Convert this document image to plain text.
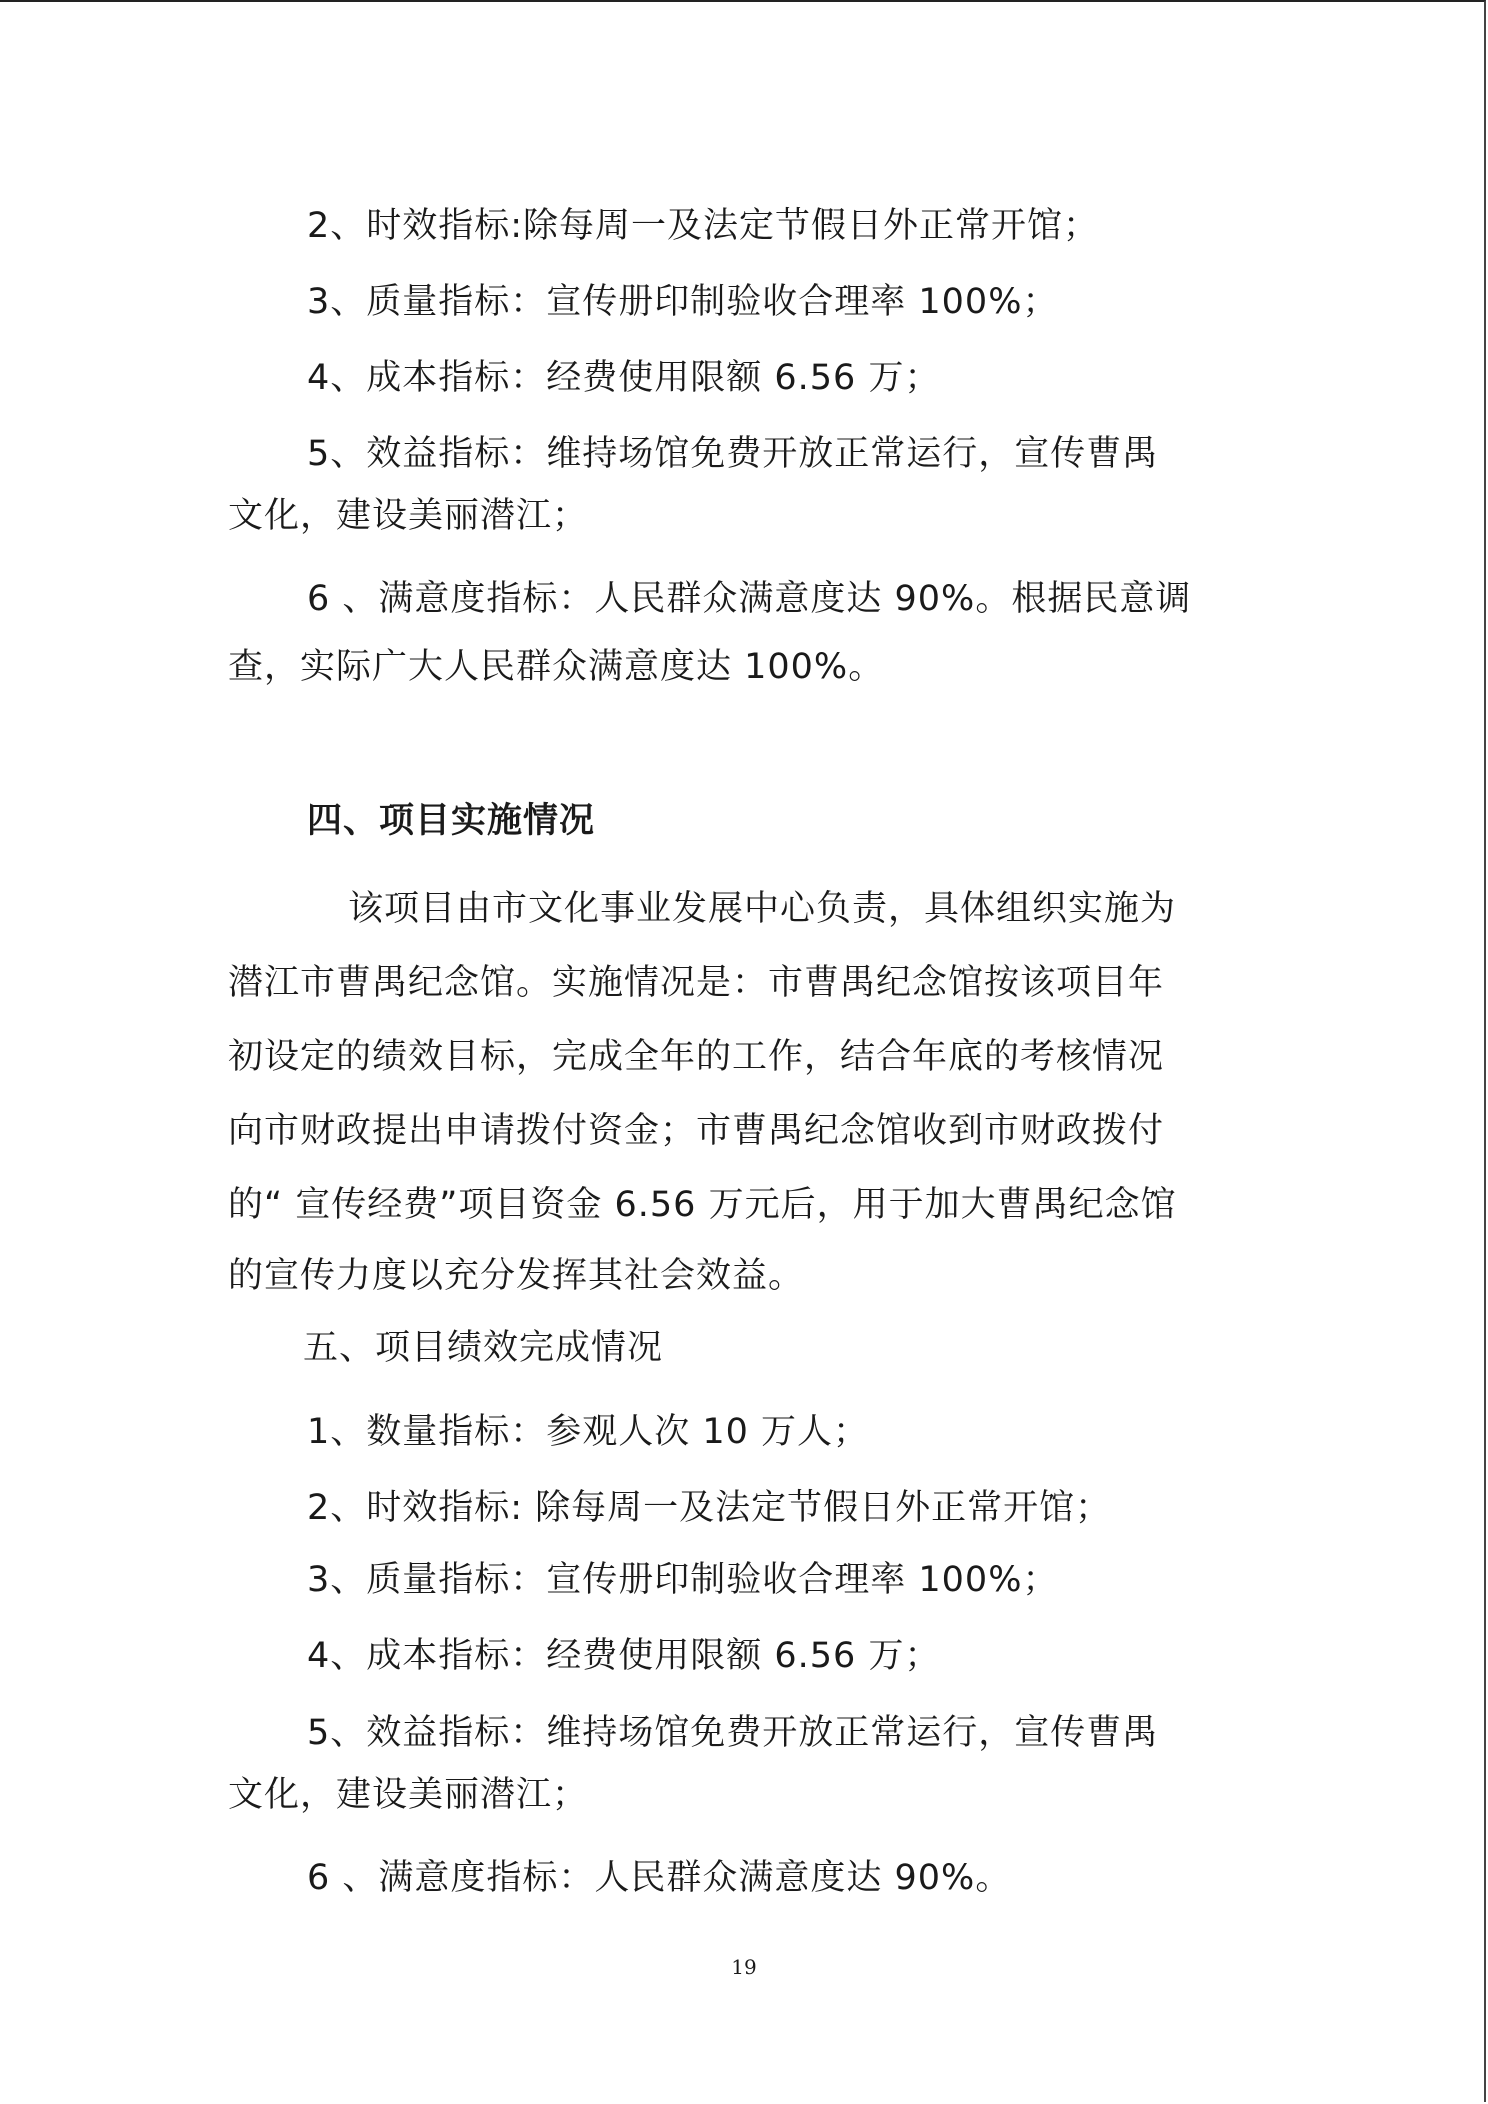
2、时效指标:除每周一及法定节假日外正常开馆；
3、质量指标：宣传册印制验收合理率 100%；
4、成本指标：经费使用限额 6.56 万；
5、效益指标：维持场馆免费开放正常运行，宣传曹禺
文化，建设美丽潜江；
6 、满意度指标：人民群众满意度达 90%。根据民意调
查，实际广大人民群众满意度达 100%。
四、项目实施情况
该项目由市文化事业发展中心负责，具体组织实施为
潜江市曹禺纪念馆。实施情况是：市曹禺纪念馆按该项目年
初设定的绩效目标，完成全年的工作，结合年底的考核情况
向市财政提出申请拨付资金；市曹禺纪念馆收到市财政拨付
的“ 宣传经费”项目资金 6.56 万元后，用于加大曹禺纪念馆
的宣传力度以充分发挥其社会效益。
五、项目绩效完成情况
1、数量指标：参观人次 10 万人；
2、时效指标: 除每周一及法定节假日外正常开馆；
3、质量指标：宣传册印制验收合理率 100%；
4、成本指标：经费使用限额 6.56 万；
5、效益指标：维持场馆免费开放正常运行，宣传曹禺
文化，建设美丽潜江；
6 、满意度指标：人民群众满意度达 90%。
19
